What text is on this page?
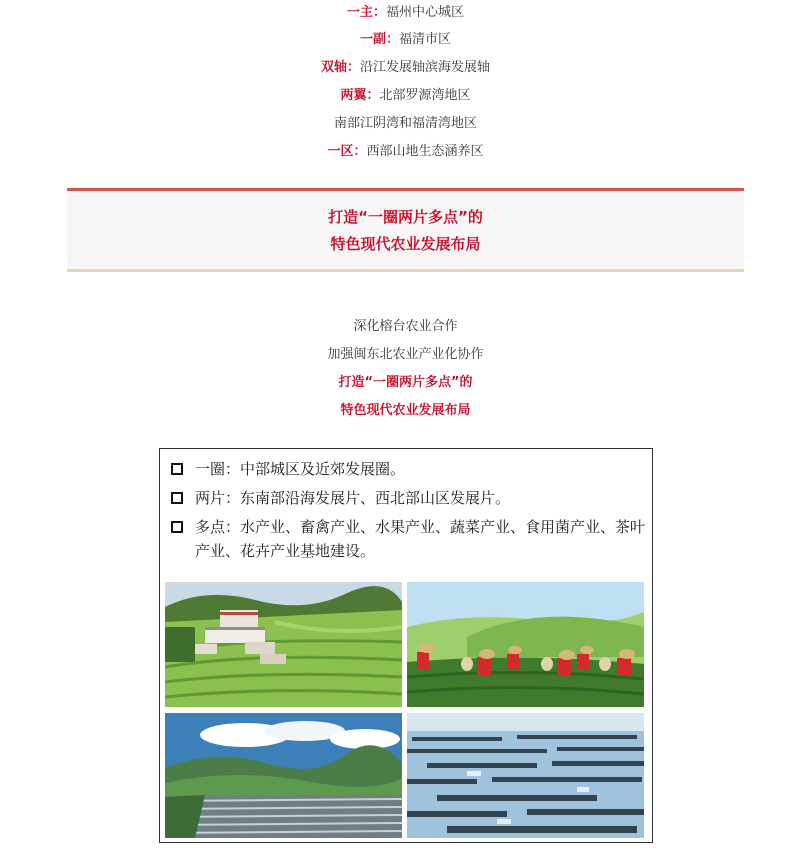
一主：福州中心城区
一副：福清市区
双轴：沿江发展轴滨海发展轴
两翼：北部罗源湾地区
南部江阴湾和福清湾地区
一区：西部山地生态涵养区
打造“一圈两片多点”的
特色现代农业发展布局
深化榕台农业合作
加强闽东北农业产业化协作
打造“一圈两片多点”的
特色现代农业发展布局
一圈：中部城区及近郊发展圈。
两片：东南部沿海发展片、西北部山区发展片。
多点：水产业、畜禽产业、水果产业、蔬菜产业、食用菌产业、茶叶产业、花卉产业基地建设。
